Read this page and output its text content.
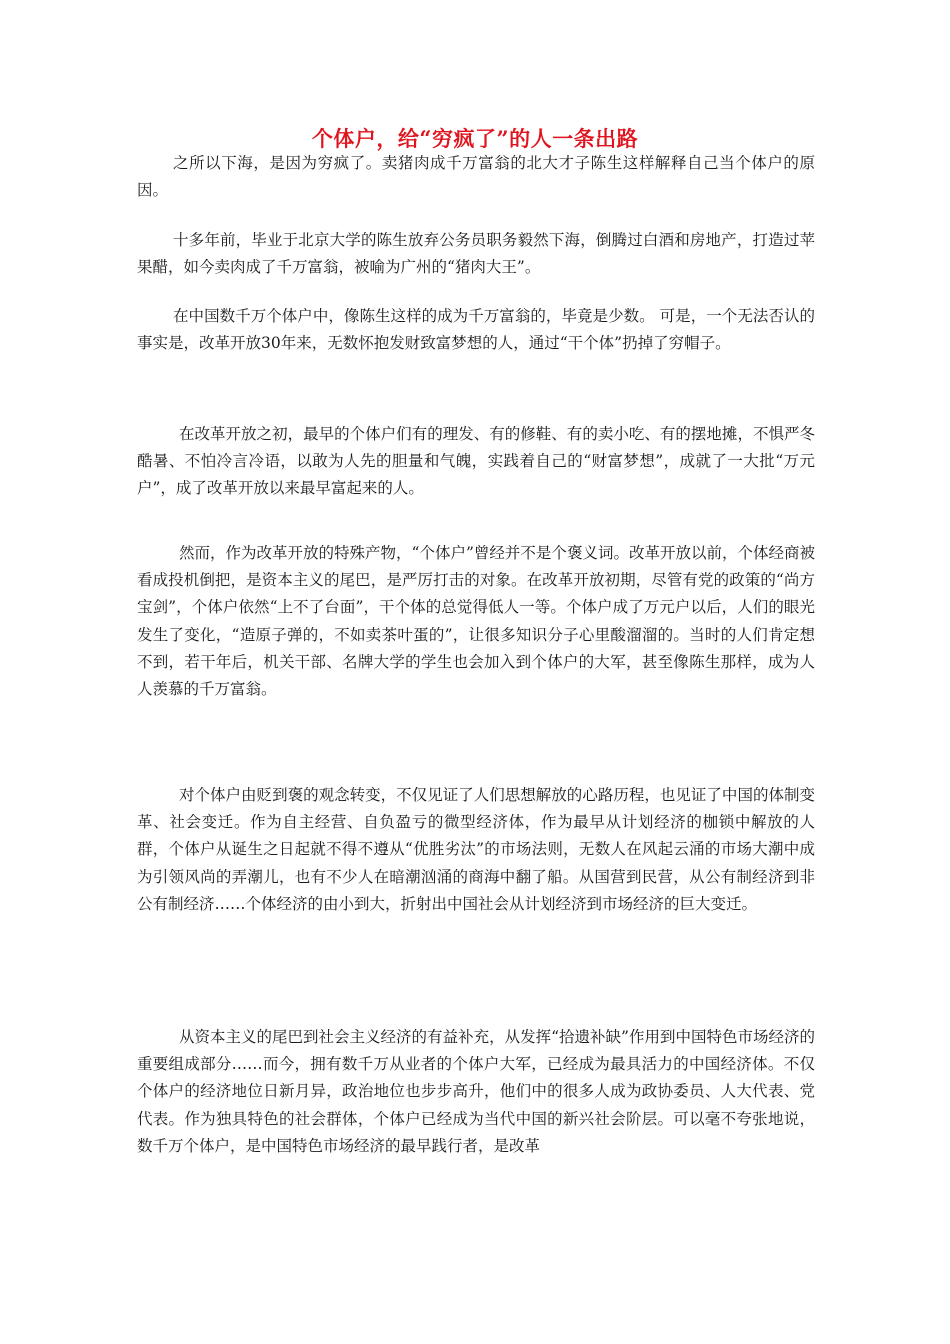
个体户，给“穷疯了”的人一条出路

之所以下海，是因为穷疯了。卖猪肉成千万富翁的北大才子陈生这样解释自己当个体户的原因。

十多年前，毕业于北京大学的陈生放弃公务员职务毅然下海，倒腾过白酒和房地产，打造过苹果醋，如今卖肉成了千万富翁，被喻为广州的“猪肉大王”。

在中国数千万个体户中，像陈生这样的成为千万富翁的，毕竟是少数。 可是，一个无法否认的事实是，改革开放30年来，无数怀抱发财致富梦想的人，通过“干个体”扔掉了穷帽子。

在改革开放之初，最早的个体户们有的理发、有的修鞋、有的卖小吃、有的摆地摊，不惧严冬酷暑、不怕冷言冷语，以敢为人先的胆量和气魄，实践着自己的“财富梦想”，成就了一大批“万元户”，成了改革开放以来最早富起来的人。

然而，作为改革开放的特殊产物，“个体户”曾经并不是个褒义词。改革开放以前，个体经商被看成投机倒把，是资本主义的尾巴，是严厉打击的对象。在改革开放初期，尽管有党的政策的“尚方宝剑”，个体户依然“上不了台面”，干个体的总觉得低人一等。个体户成了万元户以后，人们的眼光发生了变化，“造原子弹的，不如卖茶叶蛋的”，让很多知识分子心里酸溜溜的。当时的人们肯定想不到，若干年后，机关干部、名牌大学的学生也会加入到个体户的大军，甚至像陈生那样，成为人人羡慕的千万富翁。

对个体户由贬到褒的观念转变，不仅见证了人们思想解放的心路历程，也见证了中国的体制变革、社会变迁。作为自主经营、自负盈亏的微型经济体，作为最早从计划经济的枷锁中解放的人群，个体户从诞生之日起就不得不遵从“优胜劣汰”的市场法则，无数人在风起云涌的市场大潮中成为引领风尚的弄潮儿，也有不少人在暗潮汹涌的商海中翻了船。从国营到民营，从公有制经济到非公有制经济……个体经济的由小到大，折射出中国社会从计划经济到市场经济的巨大变迁。

从资本主义的尾巴到社会主义经济的有益补充，从发挥“拾遗补缺”作用到中国特色市场经济的重要组成部分……而今，拥有数千万从业者的个体户大军，已经成为最具活力的中国经济体。不仅个体户的经济地位日新月异，政治地位也步步高升，他们中的很多人成为政协委员、人大代表、党代表。作为独具特色的社会群体，个体户已经成为当代中国的新兴社会阶层。可以毫不夸张地说，数千万个体户，是中国特色市场经济的最早践行者，是改革
